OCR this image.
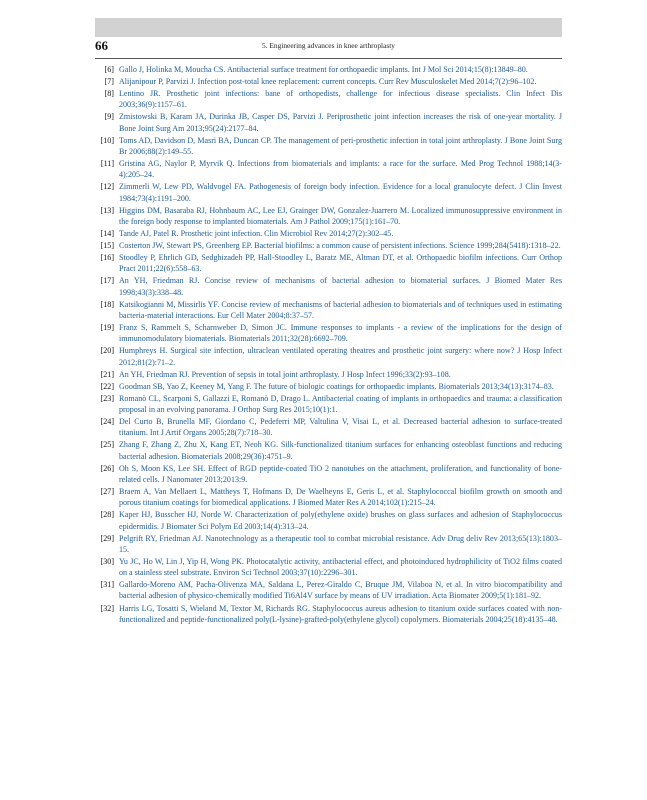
66	5. Engineering advances in knee arthroplasty
[6] Gallo J, Holinka M, Moucha CS. Antibacterial surface treatment for orthopaedic implants. Int J Mol Sci 2014;15(8):13849–80.
[7] Alijanipour P, Parvizi J. Infection post-total knee replacement: current concepts. Curr Rev Musculoskelet Med 2014;7(2):96–102.
[8] Lentino JR. Prosthetic joint infections: bane of orthopedists, challenge for infectious disease specialists. Clin Infect Dis 2003;36(9):1157–61.
[9] Zmistowski B, Karam JA, Durinka JB, Casper DS, Parvizi J. Periprosthetic joint infection increases the risk of one-year mortality. J Bone Joint Surg Am 2013;95(24):2177–84.
[10] Toms AD, Davidson D, Masri BA, Duncan CP. The management of peri-prosthetic infection in total joint arthroplasty. J Bone Joint Surg Br 2006;88(2):149–55.
[11] Gristina AG, Naylor P, Myrvik Q. Infections from biomaterials and implants: a race for the surface. Med Prog Technol 1988;14(3-4):205–24.
[12] Zimmerli W, Lew PD, Waldvogel FA. Pathogenesis of foreign body infection. Evidence for a local granulocyte defect. J Clin Invest 1984;73(4):1191–200.
[13] Higgins DM, Basaraba RJ, Hohnbaum AC, Lee EJ, Grainger DW, Gonzalez-Juarrero M. Localized immunosuppressive environment in the foreign body response to implanted biomaterials. Am J Pathol 2009;175(1):161–70.
[14] Tande AJ, Patel R. Prosthetic joint infection. Clin Microbiol Rev 2014;27(2):302–45.
[15] Costerton JW, Stewart PS, Greenberg EP. Bacterial biofilms: a common cause of persistent infections. Science 1999;284(5418):1318–22.
[16] Stoodley P, Ehrlich GD, Sedghizadeh PP, Hall-Stoodley L, Baratz ME, Altman DT, et al. Orthopaedic biofilm infections. Curr Orthop Pract 2011;22(6):558–63.
[17] An YH, Friedman RJ. Concise review of mechanisms of bacterial adhesion to biomaterial surfaces. J Biomed Mater Res 1998;43(3):338–48.
[18] Katsikogianni M, Missirlis YF. Concise review of mechanisms of bacterial adhesion to biomaterials and of techniques used in estimating bacteria-material interactions. Eur Cell Mater 2004;8:37–57.
[19] Franz S, Rammelt S, Scharnweber D, Simon JC. Immune responses to implants - a review of the implications for the design of immunomodulatory biomaterials. Biomaterials 2011;32(28):6692–709.
[20] Humphreys H. Surgical site infection, ultraclean ventilated operating theatres and prosthetic joint surgery: where now? J Hosp Infect 2012;81(2):71–2.
[21] An YH, Friedman RJ. Prevention of sepsis in total joint arthroplasty. J Hosp Infect 1996;33(2):93–108.
[22] Goodman SB, Yao Z, Keeney M, Yang F. The future of biologic coatings for orthopaedic implants. Biomaterials 2013;34(13):3174–83.
[23] Romanò CL, Scarponi S, Gallazzi E, Romanò D, Drago L. Antibacterial coating of implants in orthopaedics and trauma: a classification proposal in an evolving panorama. J Orthop Surg Res 2015;10(1):1.
[24] Del Curto B, Brunella MF, Giordano C, Pedeferri MP, Valtulina V, Visai L, et al. Decreased bacterial adhesion to surface-treated titanium. Int J Artif Organs 2005;28(7):718–30.
[25] Zhang F, Zhang Z, Zhu X, Kang ET, Neoh KG. Silk-functionalized titanium surfaces for enhancing osteoblast functions and reducing bacterial adhesion. Biomaterials 2008;29(36):4751–9.
[26] Oh S, Moon KS, Lee SH. Effect of RGD peptide-coated TiO 2 nanotubes on the attachment, proliferation, and functionality of bone-related cells. J Nanomater 2013;2013:9.
[27] Braem A, Van Mellaert L, Mattheys T, Hofmans D, De Waelheyns E, Geris L, et al. Staphylococcal biofilm growth on smooth and porous titanium coatings for biomedical applications. J Biomed Mater Res A 2014;102(1):215–24.
[28] Kaper HJ, Busscher HJ, Norde W. Characterization of poly(ethylene oxide) brushes on glass surfaces and adhesion of Staphylococcus epidermidis. J Biomater Sci Polym Ed 2003;14(4):313–24.
[29] Pelgrift RY, Friedman AJ. Nanotechnology as a therapeutic tool to combat microbial resistance. Adv Drug deliv Rev 2013;65(13):1803–15.
[30] Yu JC, Ho W, Lin J, Yip H, Wong PK. Photocatalytic activity, antibacterial effect, and photoinduced hydrophilicity of TiO2 films coated on a stainless steel substrate. Environ Sci Technol 2003;37(10):2296–301.
[31] Gallardo-Moreno AM, Pacha-Olivenza MA, Saldana L, Perez-Giraldo C, Bruque JM, Vilaboa N, et al. In vitro biocompatibility and bacterial adhesion of physico-chemically modified Ti6Al4V surface by means of UV irradiation. Acta Biomater 2009;5(1):181–92.
[32] Harris LG, Tosatti S, Wieland M, Textor M, Richards RG. Staphylococcus aureus adhesion to titanium oxide surfaces coated with non-functionalized and peptide-functionalized poly(L-lysine)-grafted-poly(ethylene glycol) copolymers. Biomaterials 2004;25(18):4135–48.
